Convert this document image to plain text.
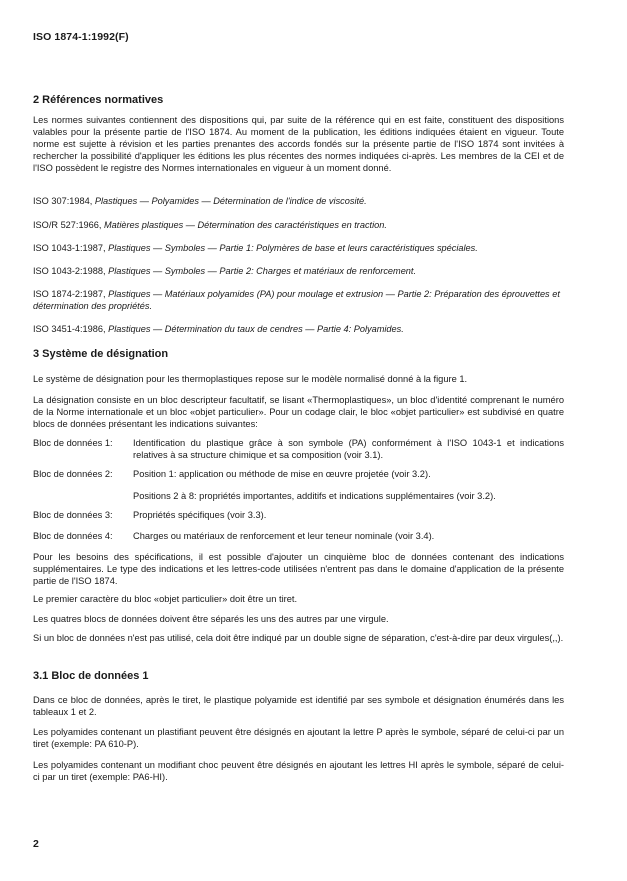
ISO 1874-1:1992(F)
2 Références normatives
Les normes suivantes contiennent des dispositions qui, par suite de la référence qui en est faite, constituent des dispositions valables pour la présente partie de l'ISO 1874. Au moment de la publication, les éditions indiquées étaient en vigueur. Toute norme est sujette à révision et les parties prenantes des accords fondés sur la présente partie de l'ISO 1874 sont invitées à rechercher la possibilité d'appliquer les éditions les plus récentes des normes indiquées ci-après. Les membres de la CEI et de l'ISO possèdent le registre des Normes internationales en vigueur à un moment donné.
ISO 307:1984, Plastiques — Polyamides — Détermination de l'indice de viscosité.
ISO/R 527:1966, Matières plastiques — Détermination des caractéristiques en traction.
ISO 1043-1:1987, Plastiques — Symboles — Partie 1: Polymères de base et leurs caractéristiques spéciales.
ISO 1043-2:1988, Plastiques — Symboles — Partie 2: Charges et matériaux de renforcement.
ISO 1874-2:1987, Plastiques — Matériaux polyamides (PA) pour moulage et extrusion — Partie 2: Préparation des éprouvettes et détermination des propriétés.
ISO 3451-4:1986, Plastiques — Détermination du taux de cendres — Partie 4: Polyamides.
3 Système de désignation
Le système de désignation pour les thermoplastiques repose sur le modèle normalisé donné à la figure 1.
La désignation consiste en un bloc descripteur facultatif, se lisant «Thermoplastiques», un bloc d'identité comprenant le numéro de la Norme internationale et un bloc «objet particulier». Pour un codage clair, le bloc «objet particulier» est subdivisé en quatre blocs de données présentant les indications suivantes:
Bloc de données 1: Identification du plastique grâce à son symbole (PA) conformément à l'ISO 1043-1 et indications relatives à sa structure chimique et sa composition (voir 3.1).
Bloc de données 2: Position 1: application ou méthode de mise en œuvre projetée (voir 3.2).
Positions 2 à 8: propriétés importantes, additifs et indications supplémentaires (voir 3.2).
Bloc de données 3: Propriétés spécifiques (voir 3.3).
Bloc de données 4: Charges ou matériaux de renforcement et leur teneur nominale (voir 3.4).
Pour les besoins des spécifications, il est possible d'ajouter un cinquième bloc de données contenant des indications supplémentaires. Le type des indications et les lettres-code utilisées n'entrent pas dans le domaine d'application de la présente partie de l'ISO 1874.
Le premier caractère du bloc «objet particulier» doit être un tiret.
Les quatres blocs de données doivent être séparés les uns des autres par une virgule.
Si un bloc de données n'est pas utilisé, cela doit être indiqué par un double signe de séparation, c'est-à-dire par deux virgules(,,).
3.1 Bloc de données 1
Dans ce bloc de données, après le tiret, le plastique polyamide est identifié par ses symbole et désignation énumérés dans les tableaux 1 et 2.
Les polyamides contenant un plastifiant peuvent être désignés en ajoutant la lettre P après le symbole, séparé de celui-ci par un tiret (exemple: PA 610-P).
Les polyamides contenant un modifiant choc peuvent être désignés en ajoutant les lettres HI après le symbole, séparé de celui-ci par un tiret (exemple: PA6-HI).
2
